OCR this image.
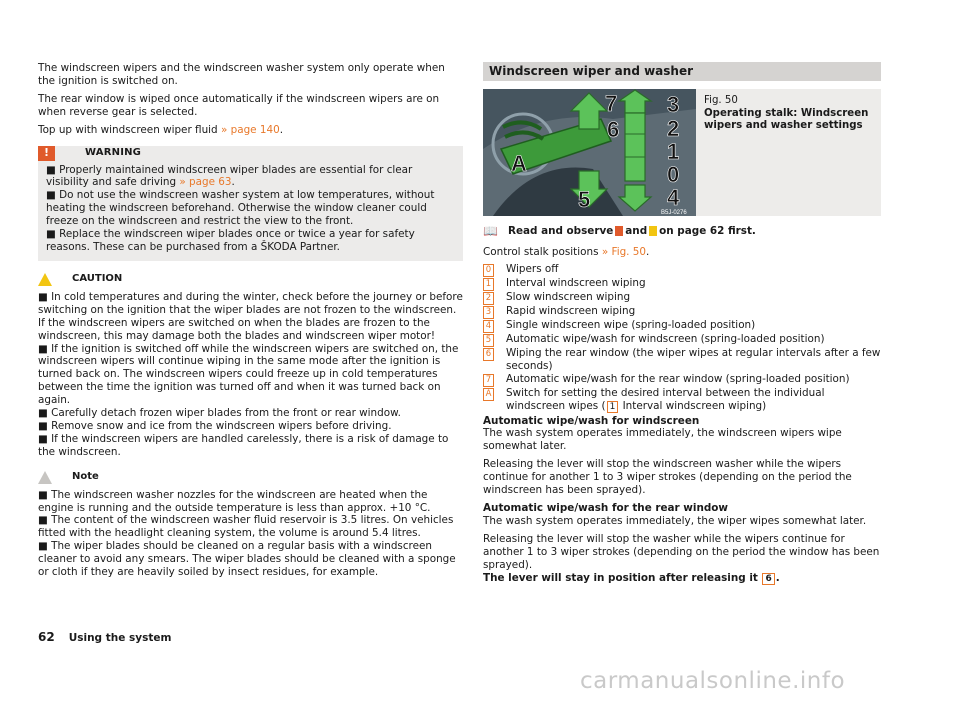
The windscreen wipers and the windscreen washer system only operate when the ignition is switched on.

The rear window is wiped once automatically if the windscreen wipers are on when reverse gear is selected.

Top up with windscreen wiper fluid » page 140.

!	WARNING
■ Properly maintained windscreen wiper blades are essential for clear visibility and safe driving » page 63.
■ Do not use the windscreen washer system at low temperatures, without heating the windscreen beforehand. Otherwise the window cleaner could freeze on the windscreen and restrict the view to the front.
■ Replace the windscreen wiper blades once or twice a year for safety reasons. These can be purchased from a ŠKODA Partner.
CAUTION
■ In cold temperatures and during the winter, check before the journey or before switching on the ignition that the wiper blades are not frozen to the windscreen. If the windscreen wipers are switched on when the blades are frozen to the windscreen, this may damage both the blades and windscreen wiper motor!
■ If the ignition is switched off while the windscreen wipers are switched on, the windscreen wipers will continue wiping in the same mode after the ignition is turned back on. The windscreen wipers could freeze up in cold temperatures between the time the ignition was turned off and when it was turned back on again.
■ Carefully detach frozen wiper blades from the front or rear window.
■ Remove snow and ice from the windscreen wipers before driving.
■ If the windscreen wipers are handled carelessly, there is a risk of damage to the windscreen.
Note
■ The windscreen washer nozzles for the windscreen are heated when the engine is running and the outside temperature is less than approx. +10 °C.
■ The content of the windscreen washer fluid reservoir is 3.5 litres. On vehicles fitted with the headlight cleaning system, the volume is around 5.4 litres.
■ The wiper blades should be cleaned on a regular basis with a windscreen cleaner to avoid any smears. The wiper blades should be cleaned with a sponge or cloth if they are heavily soiled by insect residues, for example.
Windscreen wiper and washer
7
6
A
5
3
2
1
0
4
B5J-0276
Fig. 50
Operating stalk: Windscreen wipers and washer settings
📖 Read and observe and on page 62 first.
Control stalk positions » Fig. 50.
0 Wipers off
1 Interval windscreen wiping
2 Slow windscreen wiping
3 Rapid windscreen wiping
4 Single windscreen wipe (spring-loaded position)
5 Automatic wipe/wash for windscreen (spring-loaded position)
6 Wiping the rear window (the wiper wipes at regular intervals after a few seconds)
7 Automatic wipe/wash for the rear window (spring-loaded position)
A Switch for setting the desired interval between the individual windscreen wipes ( 1 Interval windscreen wiping)
Automatic wipe/wash for windscreen

The wash system operates immediately, the windscreen wipers wipe somewhat later.

Releasing the lever will stop the windscreen washer while the wipers continue for another 1 to 3 wiper strokes (depending on the period the windscreen has been sprayed).

Automatic wipe/wash for the rear window

The wash system operates immediately, the wiper wipes somewhat later.

Releasing the lever will stop the washer while the wipers continue for another 1 to 3 wiper strokes (depending on the period the window has been sprayed).

The lever will stay in position after releasing it 6 .
62 Using the system
carmanualsonline.info
